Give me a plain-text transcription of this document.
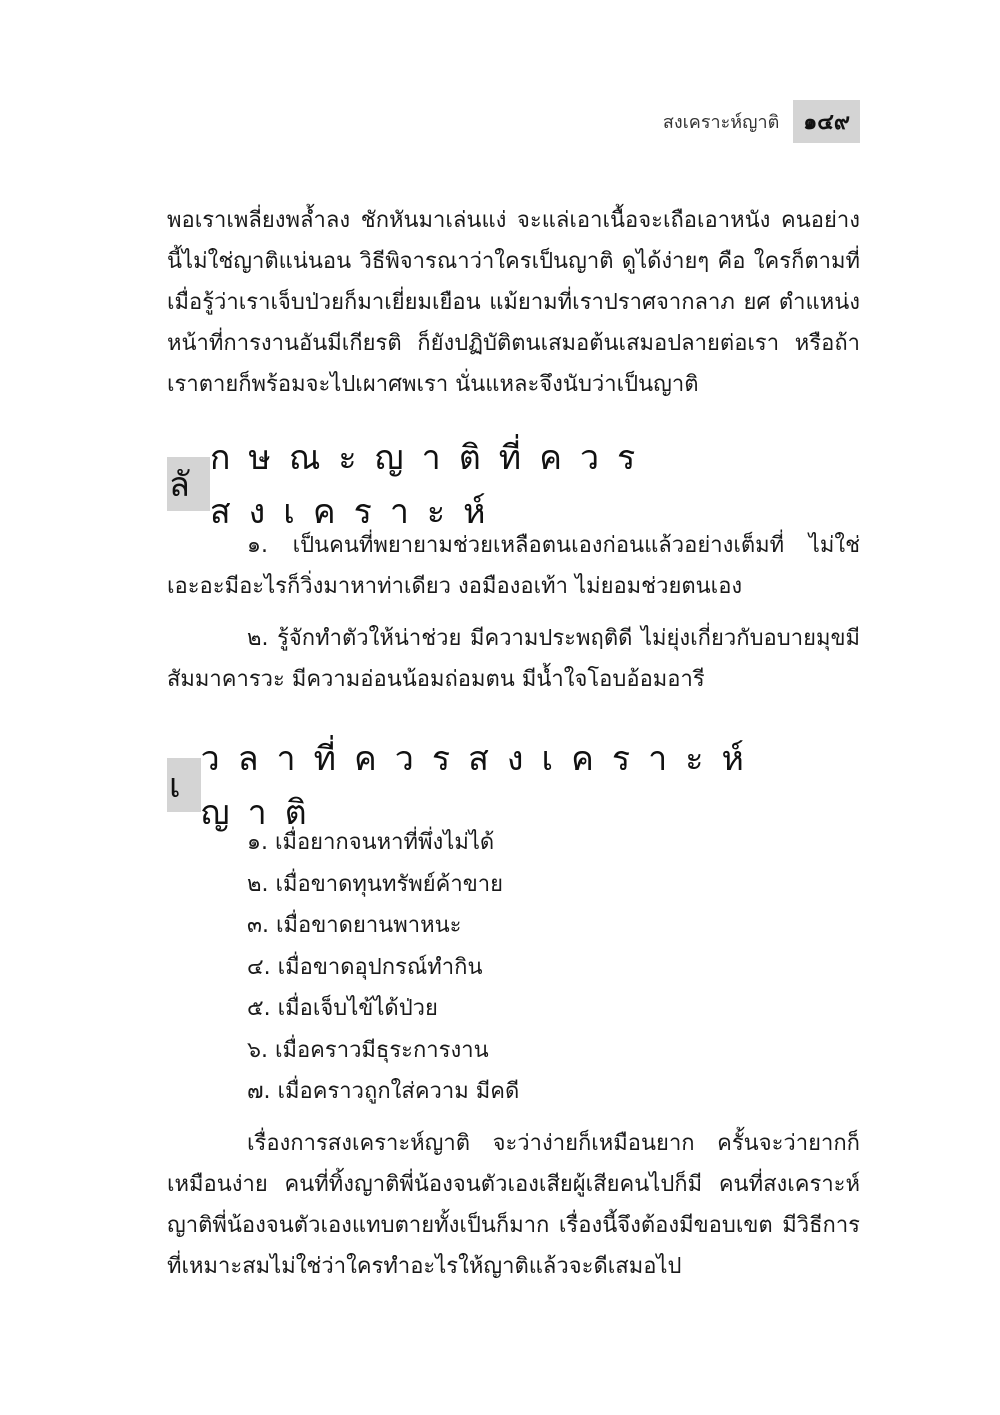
สงเคราะห์ญาติ	๑๔๙

พอเราเพลี่ยงพล้ำลง ชักหันมาเล่นแง่ จะแล่เอาเนื้อจะเถือเอาหนัง คนอย่างนี้ไม่ใช่ญาติแน่นอน วิธีพิจารณาว่าใครเป็นญาติ ดูได้ง่ายๆ คือ ใครก็ตามที่เมื่อรู้ว่าเราเจ็บป่วยก็มาเยี่ยมเยือน แม้ยามที่เราปราศจากลาภ ยศ ตำแหน่งหน้าที่การงานอันมีเกียรติ ก็ยังปฏิบัติตนเสมอต้นเสมอปลายต่อเรา หรือถ้าเราตายก็พร้อมจะไปเผาศพเรา นั่นแหละจึงนับว่าเป็นญาติ

ลั
กษณะญาติที่ควรสงเคราะห์

๑. เป็นคนที่พยายามช่วยเหลือตนเองก่อนแล้วอย่างเต็มที่ ไม่ใช่เอะอะมีอะไรก็วิ่งมาหาท่าเดียว งอมืองอเท้า ไม่ยอมช่วยตนเอง

๒. รู้จักทำตัวให้น่าช่วย มีความประพฤติดี ไม่ยุ่งเกี่ยวกับอบายมุขมีสัมมาคารวะ มีความอ่อนน้อมถ่อมตน มีน้ำใจโอบอ้อมอารี

เ
วลาที่ควรสงเคราะห์ญาติ
๑. เมื่อยากจนหาที่พึ่งไม่ได้
๒. เมื่อขาดทุนทรัพย์ค้าขาย
๓. เมื่อขาดยานพาหนะ
๔. เมื่อขาดอุปกรณ์ทำกิน
๕. เมื่อเจ็บไข้ได้ป่วย
๖. เมื่อคราวมีธุระการงาน
๗. เมื่อคราวถูกใส่ความ มีคดี

เรื่องการสงเคราะห์ญาติ จะว่าง่ายก็เหมือนยาก ครั้นจะว่ายากก็เหมือนง่าย คนที่ทิ้งญาติพี่น้องจนตัวเองเสียผู้เสียคนไปก็มี คนที่สงเคราะห์ญาติพี่น้องจนตัวเองแทบตายทั้งเป็นก็มาก เรื่องนี้จึงต้องมีขอบเขต มีวิธีการที่เหมาะสมไม่ใช่ว่าใครทำอะไรให้ญาติแล้วจะดีเสมอไป
